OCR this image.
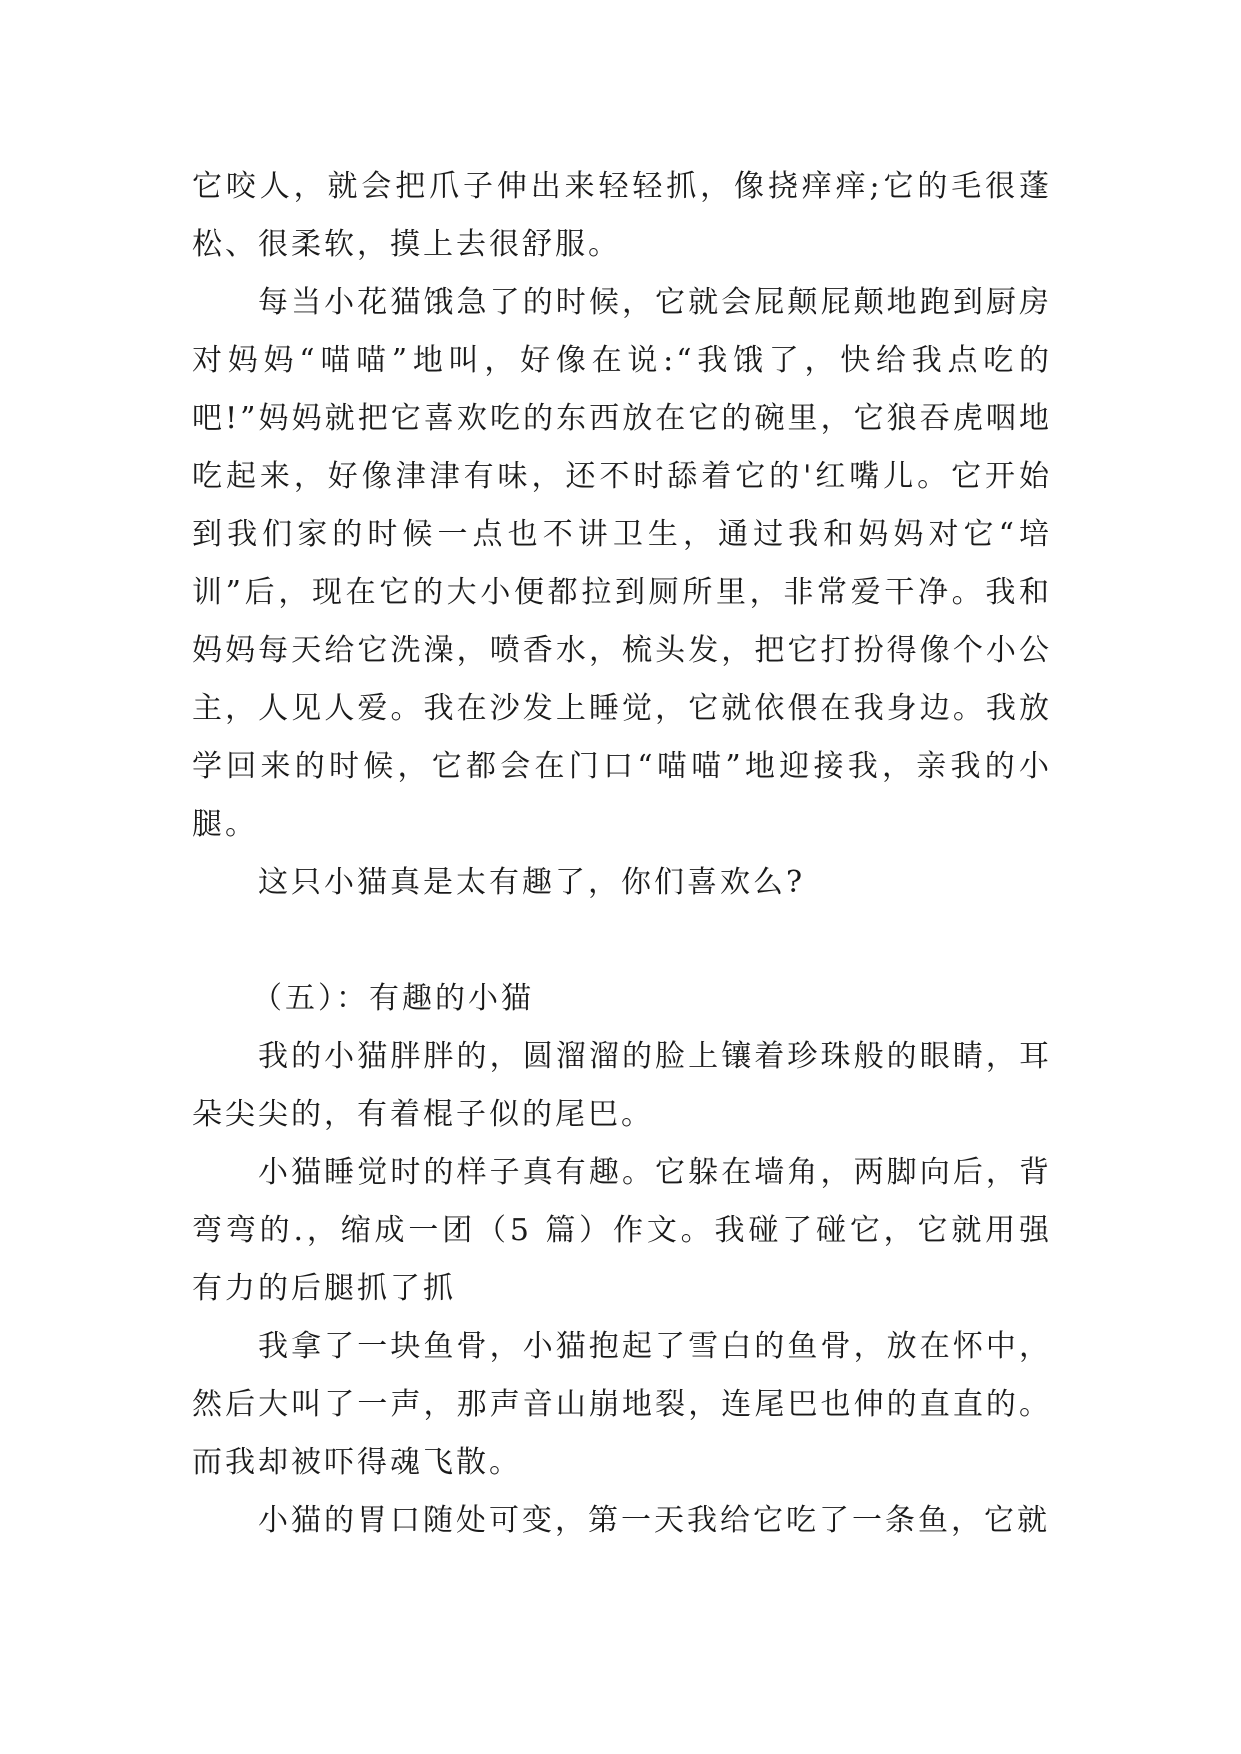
它咬人，就会把爪子伸出来轻轻抓，像挠痒痒;它的毛很蓬松、很柔软，摸上去很舒服。

每当小花猫饿急了的时候，它就会屁颠屁颠地跑到厨房对妈妈“喵喵”地叫，好像在说:“我饿了，快给我点吃的吧!”妈妈就把它喜欢吃的东西放在它的碗里，它狼吞虎咽地吃起来，好像津津有味，还不时舔着它的'红嘴儿。它开始到我们家的时候一点也不讲卫生，通过我和妈妈对它“培训”后，现在它的大小便都拉到厕所里，非常爱干净。我和妈妈每天给它洗澡，喷香水，梳头发，把它打扮得像个小公主，人见人爱。我在沙发上睡觉，它就依偎在我身边。我放学回来的时候，它都会在门口“喵喵”地迎接我，亲我的小腿。

这只小猫真是太有趣了，你们喜欢么?

（五）：有趣的小猫

我的小猫胖胖的，圆溜溜的脸上镶着珍珠般的眼睛，耳朵尖尖的，有着棍子似的尾巴。

小猫睡觉时的样子真有趣。它躲在墙角，两脚向后，背弯弯的.，缩成一团（5 篇）作文。我碰了碰它，它就用强有力的后腿抓了抓

我拿了一块鱼骨，小猫抱起了雪白的鱼骨，放在怀中，然后大叫了一声，那声音山崩地裂，连尾巴也伸的直直的。而我却被吓得魂飞散。

小猫的胃口随处可变，第一天我给它吃了一条鱼，它就
